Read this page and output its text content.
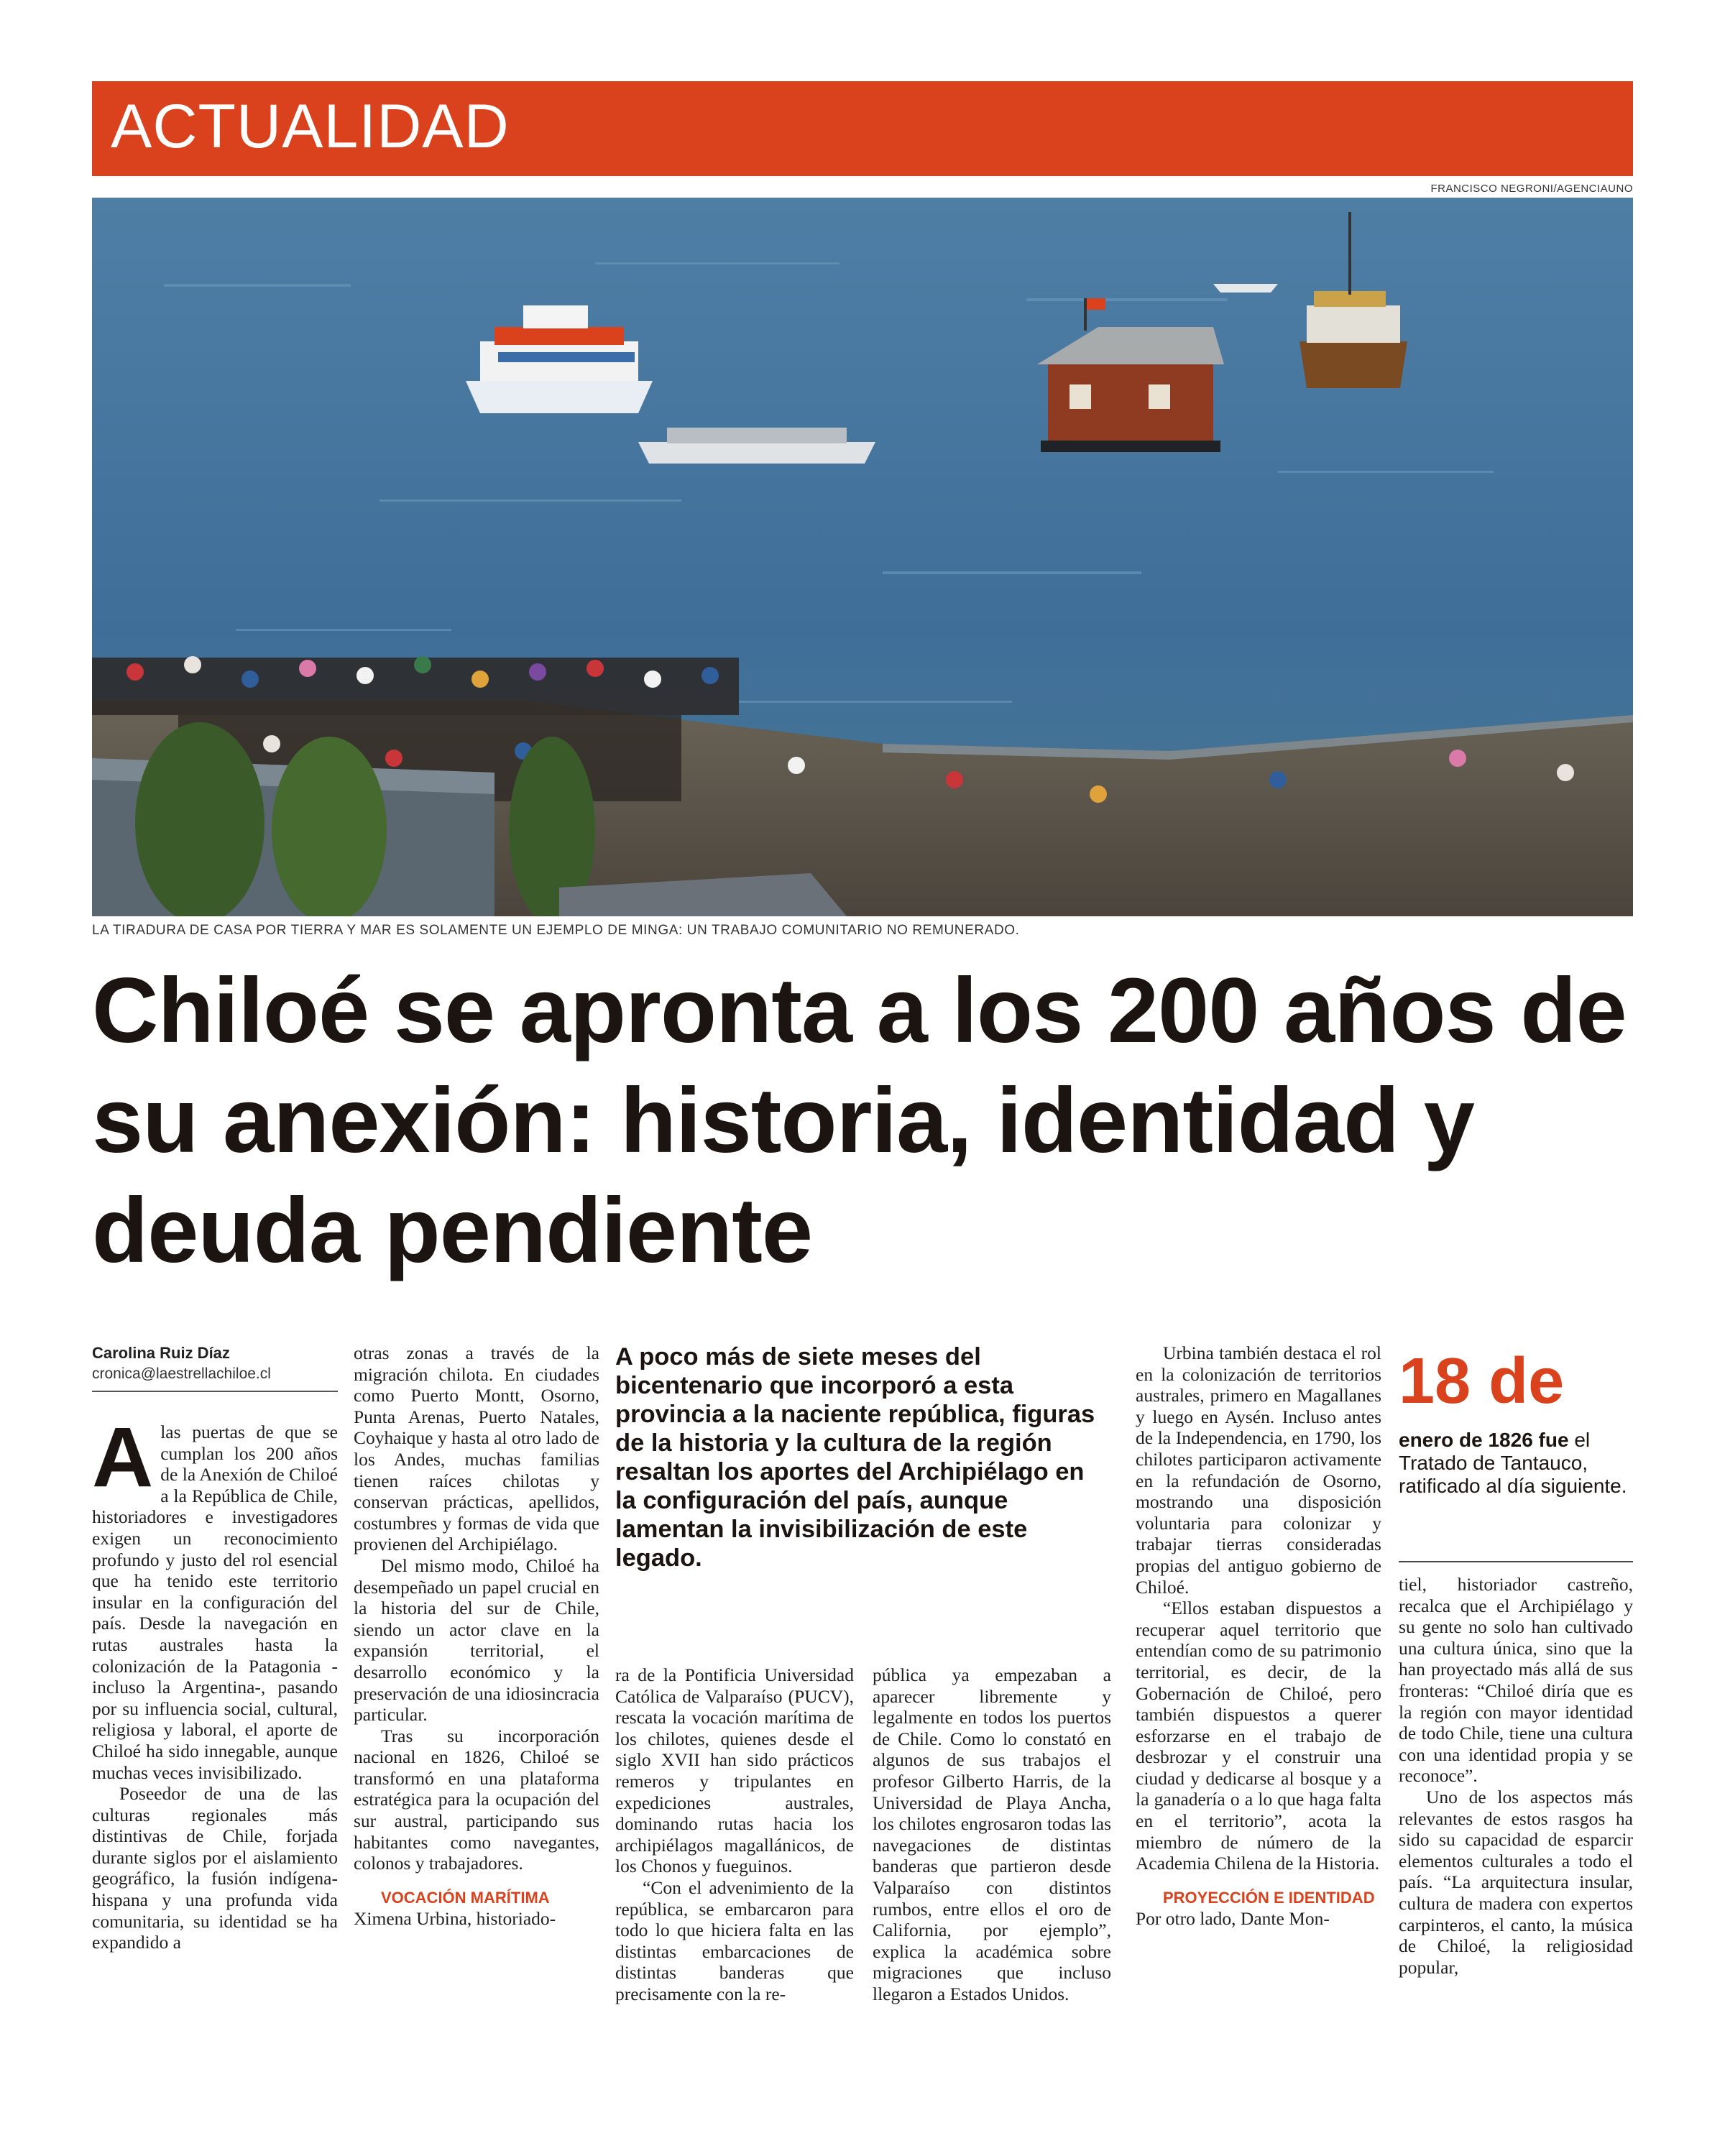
ACTUALIDAD
FRANCISCO NEGRONI/AGENCIAUNO
LA TIRADURA DE CASA POR TIERRA Y MAR ES SOLAMENTE UN EJEMPLO DE MINGA: UN TRABAJO COMUNITARIO NO REMUNERADO.
Chiloé se apronta a los 200 años de su anexión: historia, identidad y deuda pendiente
Carolina Ruiz Díaz
cronica@laestrellachiloe.cl
A poco más de siete meses del bicentenario que incorporó a esta provincia a la naciente república, figuras de la historia y la cultura de la región resaltan los aportes del Archipiélago en la configuración del país, aunque lamentan la invisibilización de este legado.
18 de
enero de 1826 fue el Tratado de Tantauco, ratificado al día siguiente.

Alas puertas de que se cumplan los 200 años de la Anexión de Chiloé a la República de Chile, historiadores e investigadores exigen un reconocimiento profundo y justo del rol esencial que ha tenido este territorio insular en la configuración del país. Desde la navegación en rutas australes hasta la colonización de la Patagonia -incluso la Argentina-, pasando por su influencia social, cultural, religiosa y laboral, el aporte de Chiloé ha sido innegable, aunque muchas veces invisibilizado.

Poseedor de una de las culturas regionales más distintivas de Chile, forjada durante siglos por el aislamiento geográfico, la fusión indígena-hispana y una profunda vida comunitaria, su identidad se ha expandido a

otras zonas a través de la migración chilota. En ciudades como Puerto Montt, Osorno, Punta Arenas, Puerto Natales, Coyhaique y hasta al otro lado de los Andes, muchas familias tienen raíces chilotas y conservan prácticas, apellidos, costumbres y formas de vida que provienen del Archipiélago.

Del mismo modo, Chiloé ha desempeñado un papel crucial en la historia del sur de Chile, siendo un actor clave en la expansión territorial, el desarrollo económico y la preservación de una idiosincracia particular.

Tras su incorporación nacional en 1826, Chiloé se transformó en una plataforma estratégica para la ocupación del sur austral, participando sus habitantes como navegantes, colonos y trabajadores.

VOCACIÓN MARÍTIMA

Ximena Urbina, historiado-

ra de la Pontificia Universidad Católica de Valparaíso (PUCV), rescata la vocación marítima de los chilotes, quienes desde el siglo XVII han sido prácticos remeros y tripulantes en expediciones australes, dominando rutas hacia los archipiélagos magallánicos, de los Chonos y fueguinos.

“Con el advenimiento de la república, se embarcaron para todo lo que hiciera falta en las distintas embarcaciones de distintas banderas que precisamente con la re-

pública ya empezaban a aparecer libremente y legalmente en todos los puertos de Chile. Como lo constató en algunos de sus trabajos el profesor Gilberto Harris, de la Universidad de Playa Ancha, los chilotes engrosaron todas las navegaciones de distintas banderas que partieron desde Valparaíso con distintos rumbos, entre ellos el oro de California, por ejemplo”, explica la académica sobre migraciones que incluso llegaron a Estados Unidos.

Urbina también destaca el rol en la colonización de territorios australes, primero en Magallanes y luego en Aysén. Incluso antes de la Independencia, en 1790, los chilotes participaron activamente en la refundación de Osorno, mostrando una disposición voluntaria para colonizar y trabajar tierras consideradas propias del antiguo gobierno de Chiloé.

“Ellos estaban dispuestos a recuperar aquel territorio que entendían como de su patrimonio territorial, es decir, de la Gobernación de Chiloé, pero también dispuestos a querer esforzarse en el trabajo de desbrozar y el construir una ciudad y dedicarse al bosque y a la ganadería o a lo que haga falta en el territorio”, acota la miembro de número de la Academia Chilena de la Historia.

PROYECCIÓN E IDENTIDAD

Por otro lado, Dante Mon-

tiel, historiador castreño, recalca que el Archipiélago y su gente no solo han cultivado una cultura única, sino que la han proyectado más allá de sus fronteras: “Chiloé diría que es la región con mayor identidad de todo Chile, tiene una cultura con una identidad propia y se reconoce”.

Uno de los aspectos más relevantes de estos rasgos ha sido su capacidad de esparcir elementos culturales a todo el país. “La arquitectura insular, cultura de madera con expertos carpinteros, el canto, la música de Chiloé, la religiosidad popular,
